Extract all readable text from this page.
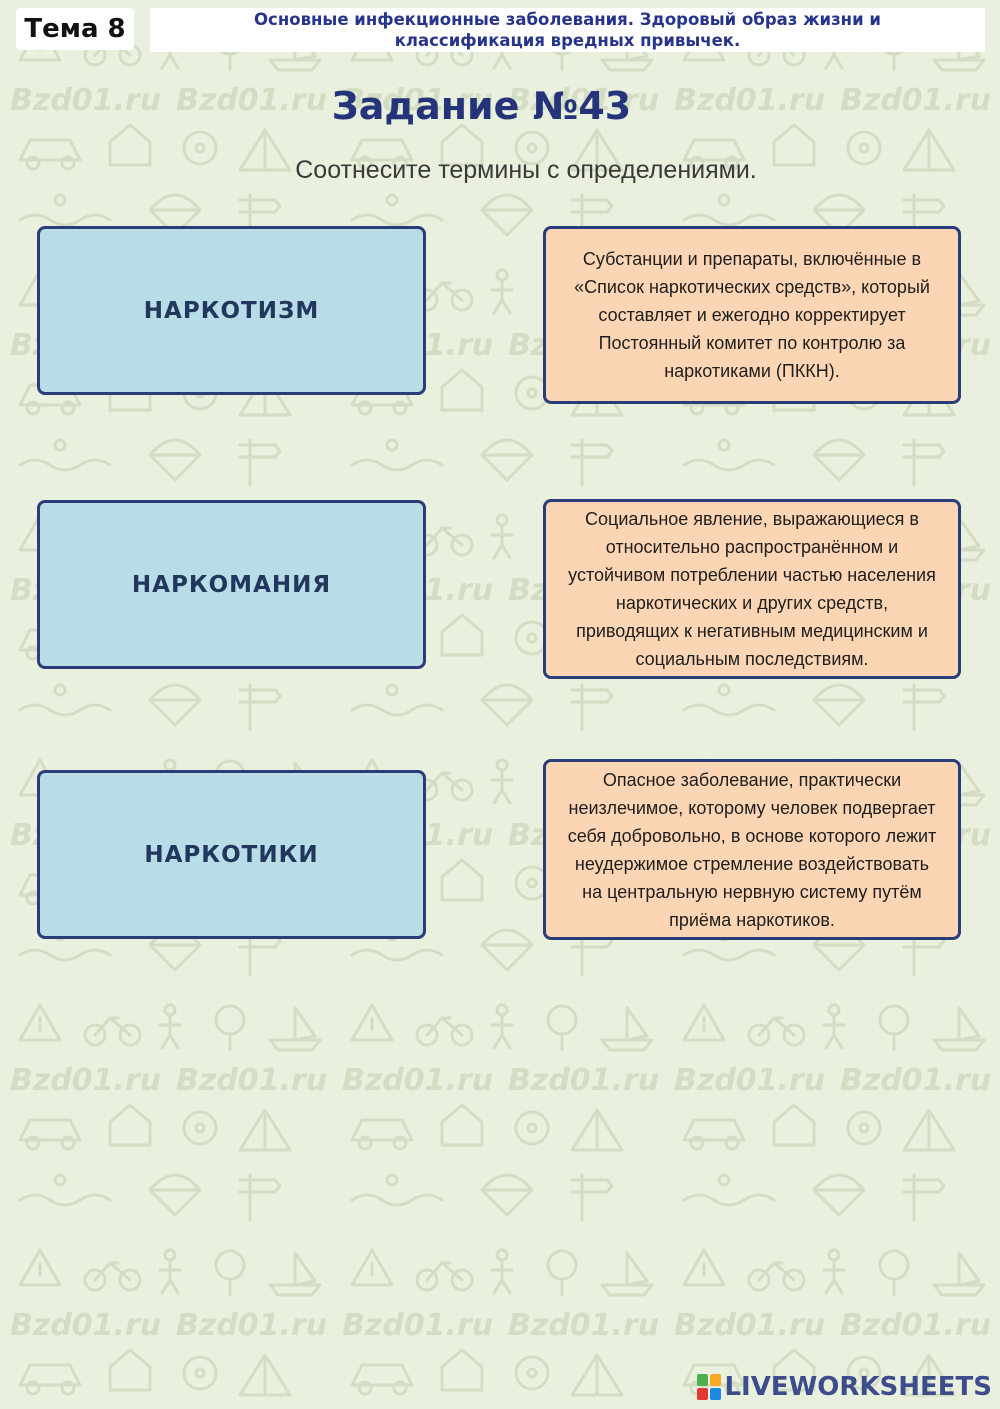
Тема 8	Основные инфекционные заболевания. Здоровый образ жизни и
классификация вредных привычек.
Задание №43
Соотнесите термины с определениями.
НАРКОТИЗМ
НАРКОМАНИЯ
НАРКОТИКИ
Субстанции и препараты, включённые в
«Список наркотических средств», который
составляет и ежегодно корректирует
Постоянный комитет по контролю за
наркотиками (ПККН).
Социальное явление, выражающиеся в
относительно распространённом и
устойчивом потреблении частью населения
наркотических и других средств,
приводящих к негативным медицинским и
социальным последствиям.
Опасное заболевание, практически
неизлечимое, которому человек подвергает
себя добровольно, в основе которого лежит
неудержимое стремление воздействовать
на центральную нервную систему путём
приёма наркотиков.
LIVEWORKSHEETS
